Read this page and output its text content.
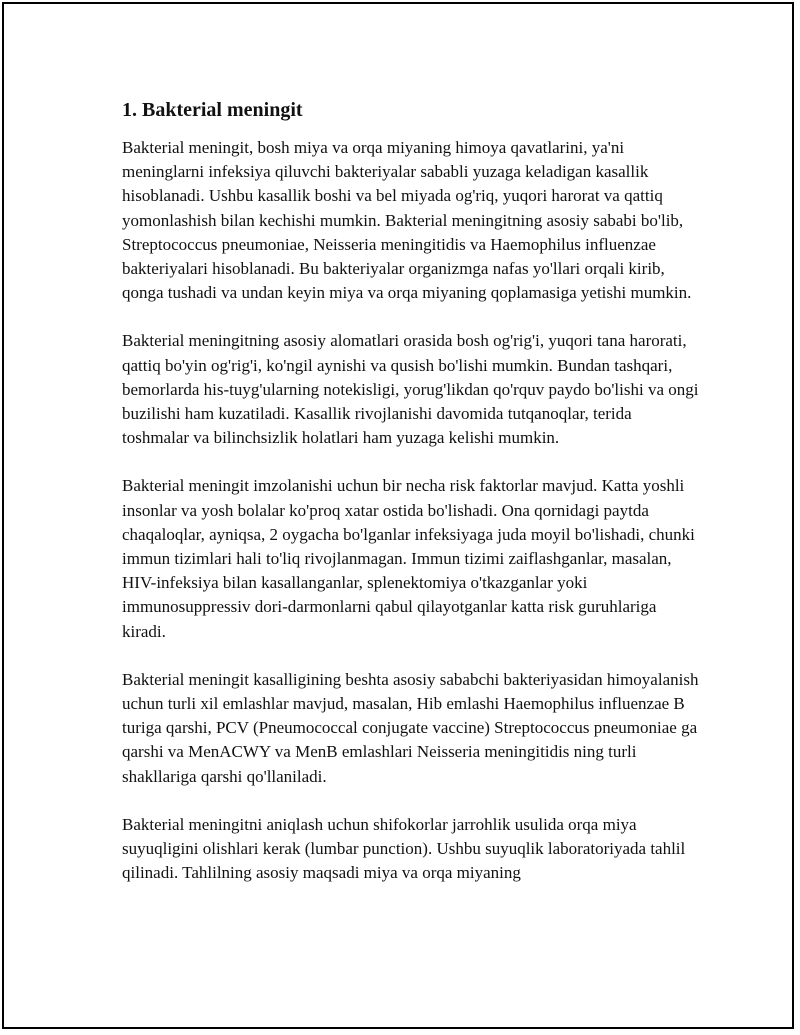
1. Bakterial meningit

Bakterial meningit, bosh miya va orqa miyaning himoya qavatlarini, ya'ni meninglarni infeksiya qiluvchi bakteriyalar sababli yuzaga keladigan kasallik hisoblanadi. Ushbu kasallik boshi va bel miyada og'riq, yuqori harorat va qattiq yomonlashish bilan kechishi mumkin. Bakterial meningitning asosiy sababi bo'lib, Streptococcus pneumoniae, Neisseria meningitidis va Haemophilus influenzae bakteriyalari hisoblanadi. Bu bakteriyalar organizmga nafas yo'llari orqali kirib, qonga tushadi va undan keyin miya va orqa miyaning qoplamasiga yetishi mumkin.

Bakterial meningitning asosiy alomatlari orasida bosh og'rig'i, yuqori tana harorati, qattiq bo'yin og'rig'i, ko'ngil aynishi va qusish bo'lishi mumkin. Bundan tashqari, bemorlarda his-tuyg'ularning notekisligi, yorug'likdan qo'rquv paydo bo'lishi va ongi buzilishi ham kuzatiladi. Kasallik rivojlanishi davomida tutqanoqlar, terida toshmalar va bilinchsizlik holatlari ham yuzaga kelishi mumkin.

Bakterial meningit imzolanishi uchun bir necha risk faktorlar mavjud. Katta yoshli insonlar va yosh bolalar ko'proq xatar ostida bo'lishadi. Ona qornidagi paytda chaqaloqlar, ayniqsa, 2 oygacha bo'lganlar infeksiyaga juda moyil bo'lishadi, chunki immun tizimlari hali to'liq rivojlanmagan. Immun tizimi zaiflashganlar, masalan, HIV-infeksiya bilan kasallanganlar, splenektomiya o'tkazganlar yoki immunosuppressiv dori-darmonlarni qabul qilayotganlar katta risk guruhlariga kiradi.

Bakterial meningit kasalligining beshta asosiy sababchi bakteriyasidan himoyalanish uchun turli xil emlashlar mavjud, masalan, Hib emlashi Haemophilus influenzae B turiga qarshi, PCV (Pneumococcal conjugate vaccine) Streptococcus pneumoniae ga qarshi va MenACWY va MenB emlashlari Neisseria meningitidis ning turli shakllariga qarshi qo'llaniladi.

Bakterial meningitni aniqlash uchun shifokorlar jarrohlik usulida orqa miya suyuqligini olishlari kerak (lumbar punction). Ushbu suyuqlik laboratoriyada tahlil qilinadi. Tahlilning asosiy maqsadi miya va orqa miyaning
